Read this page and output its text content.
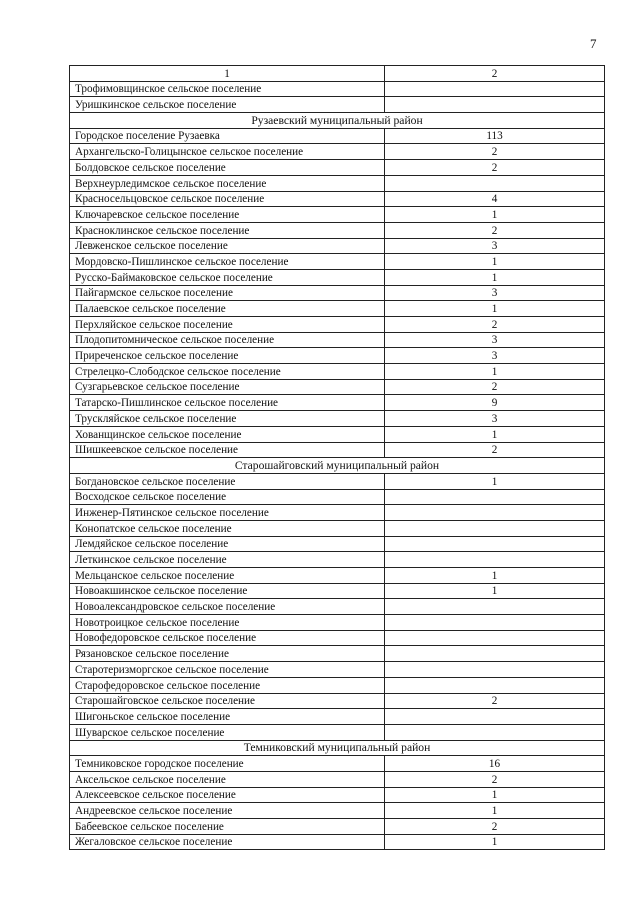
7
1	2
Трофимовщинское сельское поселение	
Уришкинское сельское поселение	
Рузаевский муниципальный район	
Городское поселение Рузаевка	113
Архангельско-Голицынское сельское поселение	2
Болдовское сельское поселение	2
Верхнеурледимское сельское поселение	
Красносельцовское сельское поселение	4
Ключаревское сельское поселение	1
Красноклинское сельское поселение	2
Левженское сельское поселение	3
Мордовско-Пишлинское сельское поселение	1
Русско-Баймаковское сельское поселение	1
Пайгармское сельское поселение	3
Палаевское сельское поселение	1
Перхляйское сельское поселение	2
Плодопитомническое сельское поселение	3
Приреченское сельское поселение	3
Стрелецко-Слободское сельское поселение	1
Сузгарьевское сельское поселение	2
Татарско-Пишлинское сельское поселение	9
Трускляйское сельское поселение	3
Хованщинское сельское поселение	1
Шишкеевское сельское поселение	2
Старошайговский муниципальный район	
Богдановское сельское поселение	1
Восходское сельское поселение	
Инженер-Пятинское сельское поселение	
Конопатское сельское поселение	
Лемдяйское сельское поселение	
Леткинское сельское поселение	
Мельцанское сельское поселение	1
Новоакшинское сельское поселение	1
Новоалександровское сельское поселение	
Новотроицкое сельское поселение	
Новофедоровское сельское поселение	
Рязановское сельское поселение	
Старотеризморгское сельское поселение	
Старофедоровское сельское поселение	
Старошайговское сельское поселение	2
Шигоньское сельское поселение	
Шуварское сельское поселение	
Темниковский муниципальный район	
Темниковское городское поселение	16
Аксельское сельское поселение	2
Алексеевское сельское поселение	1
Андреевское сельское поселение	1
Бабеевское сельское поселение	2
Жегаловское сельское поселение	1
